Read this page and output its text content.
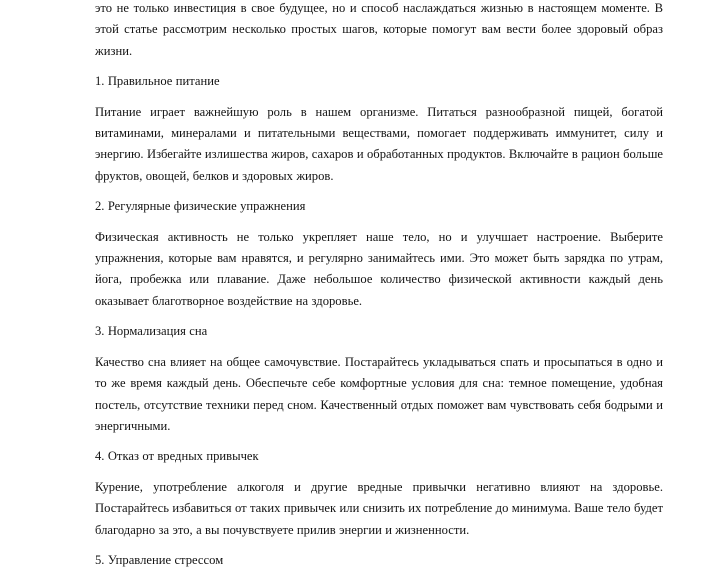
это не только инвестиция в свое будущее, но и способ наслаждаться жизнью в настоящем моменте. В этой статье рассмотрим несколько простых шагов, которые помогут вам вести более здоровый образ жизни.

1. Правильное питание

Питание играет важнейшую роль в нашем организме. Питаться разнообразной пищей, богатой витаминами, минералами и питательными веществами, помогает поддерживать иммунитет, силу и энергию. Избегайте излишества жиров, сахаров и обработанных продуктов. Включайте в рацион больше фруктов, овощей, белков и здоровых жиров.

2. Регулярные физические упражнения

Физическая активность не только укрепляет наше тело, но и улучшает настроение. Выберите упражнения, которые вам нравятся, и регулярно занимайтесь ими. Это может быть зарядка по утрам, йога, пробежка или плавание. Даже небольшое количество физической активности каждый день оказывает благотворное воздействие на здоровье.

3. Нормализация сна

Качество сна влияет на общее самочувствие. Постарайтесь укладываться спать и просыпаться в одно и то же время каждый день. Обеспечьте себе комфортные условия для сна: темное помещение, удобная постель, отсутствие техники перед сном. Качественный отдых поможет вам чувствовать себя бодрыми и энергичными.

4. Отказ от вредных привычек

Курение, употребление алкоголя и другие вредные привычки негативно влияют на здоровье. Постарайтесь избавиться от таких привычек или снизить их потребление до минимума. Ваше тело будет благодарно за это, а вы почувствуете прилив энергии и жизненности.

5. Управление стрессом
